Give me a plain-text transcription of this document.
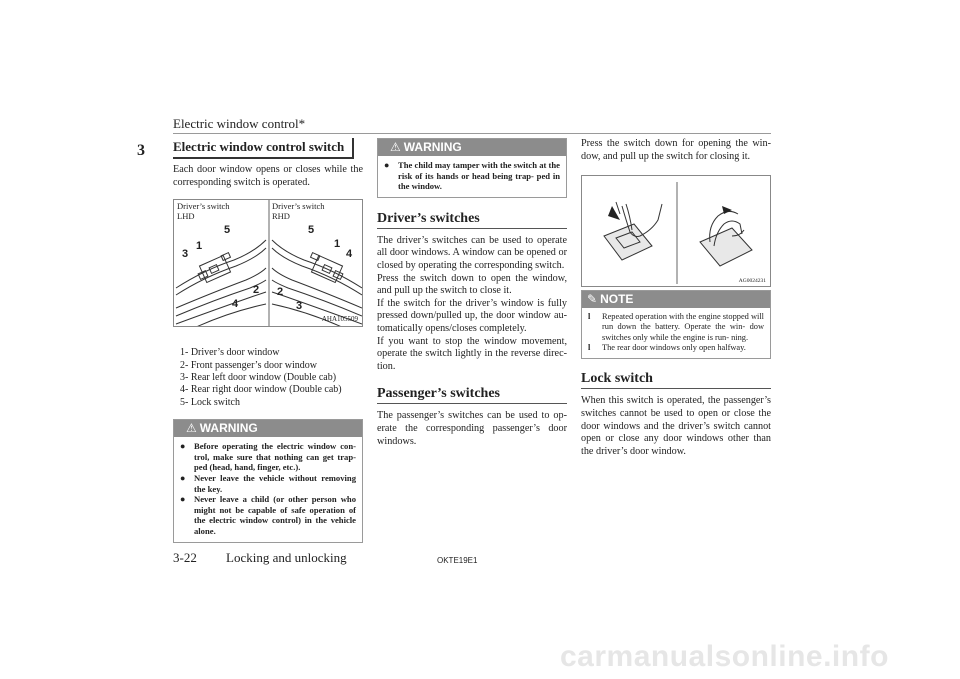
Electric window control*
3	Electric window control switch

Each door window opens or closes while the corresponding switch is operated.

Driver’s switch
LHD
Driver’s switch
RHD
1
2
3
4
5
1
2
3
4
5
AHA105509
1- Driver’s door window
2- Front passenger’s door window
3- Rear left door window (Double cab)
4- Rear right door window (Double cab)
5- Lock switch
⚠ WARNING
● Before operating the electric window con- trol, make sure that nothing can get trap- ped (head, hand, finger, etc.).
● Never leave the vehicle without removing the key.
● Never leave a child (or other person who might not be capable of safe operation of the electric window control) in the vehicle alone.
⚠ WARNING
● The child may tamper with the switch at the risk of its hands or head being trap- ped in the window.
Driver’s switches

The driver’s switches can be used to operate all door windows. A window can be opened or closed by operating the corresponding switch.

Press the switch down to open the window, and pull up the switch to close it.

If the switch for the driver’s window is fully pressed down/pulled up, the door window au- tomatically opens/closes completely.

If you want to stop the window movement, operate the switch lightly in the reverse direc- tion.

Passenger’s switches

The passenger’s switches can be used to op- erate the corresponding passenger’s door windows.

Press the switch down for opening the win- dow, and pull up the switch for closing it.

AG0024231
✎ NOTE
l Repeated operation with the engine stopped will run down the battery. Operate the win- dow switches only while the engine is run- ning.
l The rear door windows only open halfway.
Lock switch

When this switch is operated, the passenger’s switches cannot be used to open or close the door windows and the driver’s switch cannot open or close any door windows other than the driver’s door window.

3-22 Locking and unlocking	OKTE19E1
carmanualsonline.info
